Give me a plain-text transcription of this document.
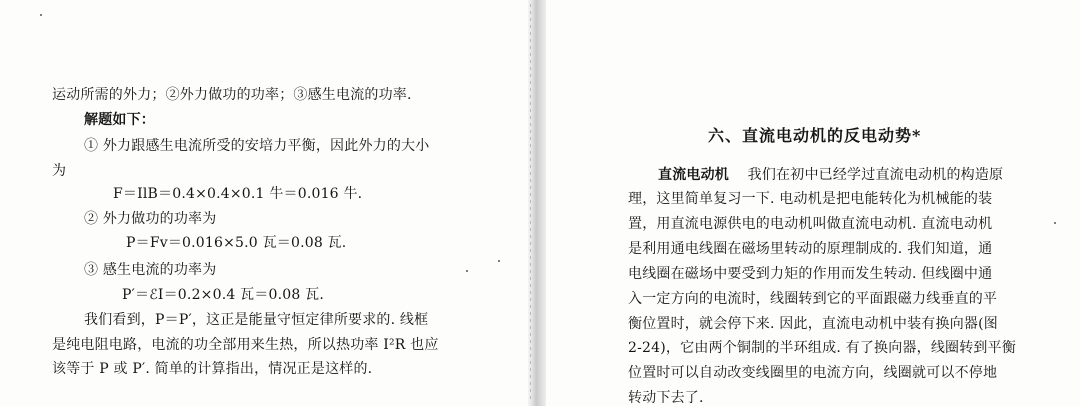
运动所需的外力；②外力做功的功率；③感生电流的功率.
解题如下：
① 外力跟感生电流所受的安培力平衡，因此外力的大小
为
F＝IlB＝0.4×0.4×0.1 牛＝0.016 牛.
② 外力做功的功率为
P＝Fv＝0.016×5.0 瓦＝0.08 瓦.
③ 感生电流的功率为
P′＝ℰI＝0.2×0.4 瓦＝0.08 瓦.
我们看到，P＝P′，这正是能量守恒定律所要求的. 线框
是纯电阻电路，电流的功全部用来生热，所以热功率 I²R 也应
该等于 P 或 P′. 简单的计算指出，情况正是这样的.
六、直流电动机的反电动势*
直流电动机 我们在初中已经学过直流电动机的构造原
理，这里简单复习一下. 电动机是把电能转化为机械能的装
置，用直流电源供电的电动机叫做直流电动机. 直流电动机
是利用通电线圈在磁场里转动的原理制成的. 我们知道，通
电线圈在磁场中要受到力矩的作用而发生转动. 但线圈中通
入一定方向的电流时，线圈转到它的平面跟磁力线垂直的平
衡位置时，就会停下来. 因此，直流电动机中装有换向器(图
2-24)，它由两个铜制的半环组成. 有了换向器，线圈转到平衡
位置时可以自动改变线圈里的电流方向，线圈就可以不停地
转动下去了.
